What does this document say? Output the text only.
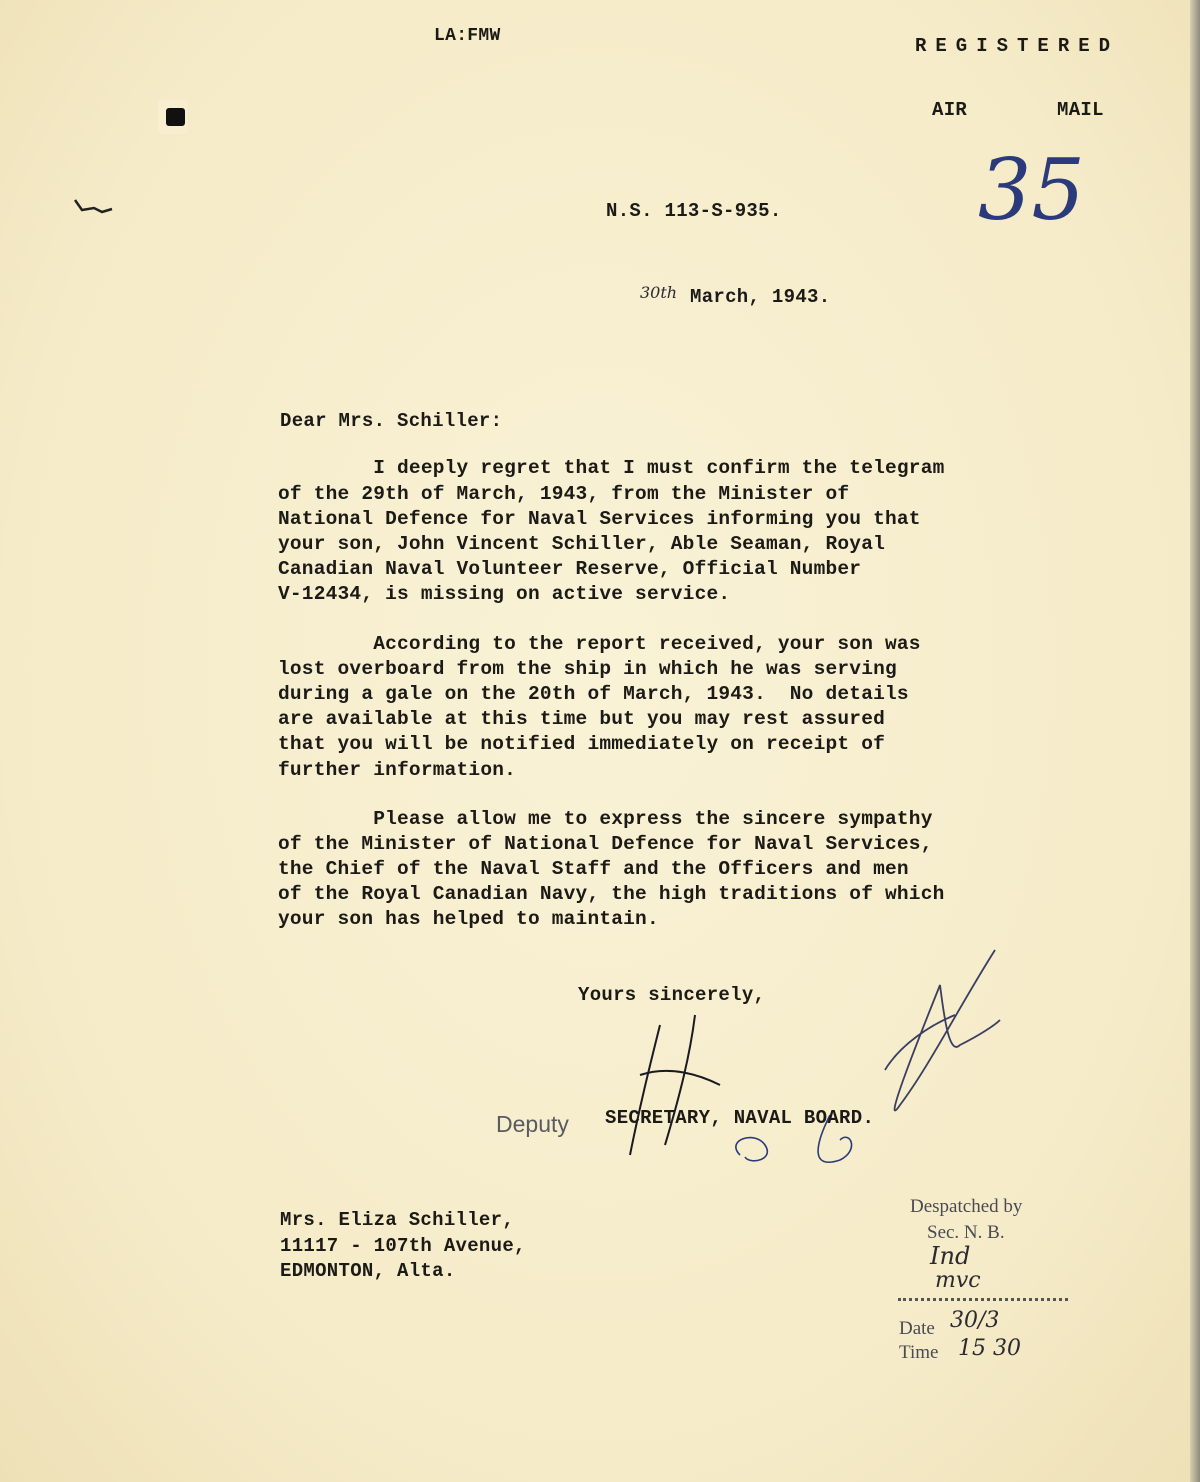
LA:FMW	REGISTERED
AIR	MAIL
N.S. 113-S-935. 35
30th March, 1943.
Dear Mrs. Schiller:
I deeply regret that I must confirm the telegram
of the 29th of March, 1943, from the Minister of
National Defence for Naval Services informing you that
your son, John Vincent Schiller, Able Seaman, Royal
Canadian Naval Volunteer Reserve, Official Number
V-12434, is missing on active service.
According to the report received, your son was
lost overboard from the ship in which he was serving
during a gale on the 20th of March, 1943.  No details
are available at this time but you may rest assured
that you will be notified immediately on receipt of
further information.
Please allow me to express the sincere sympathy
of the Minister of National Defence for Naval Services,
the Chief of the Naval Staff and the Officers and men
of the Royal Canadian Navy, the high traditions of which
your son has helped to maintain.
Yours sincerely,
Deputy SECRETARY, NAVAL BOARD.
Mrs. Eliza Schiller,
11117 - 107th Avenue,
EDMONTON, Alta.
Despatched by
Sec. N. B.
Ind
mvc
Date 30/3
Time 15 30
